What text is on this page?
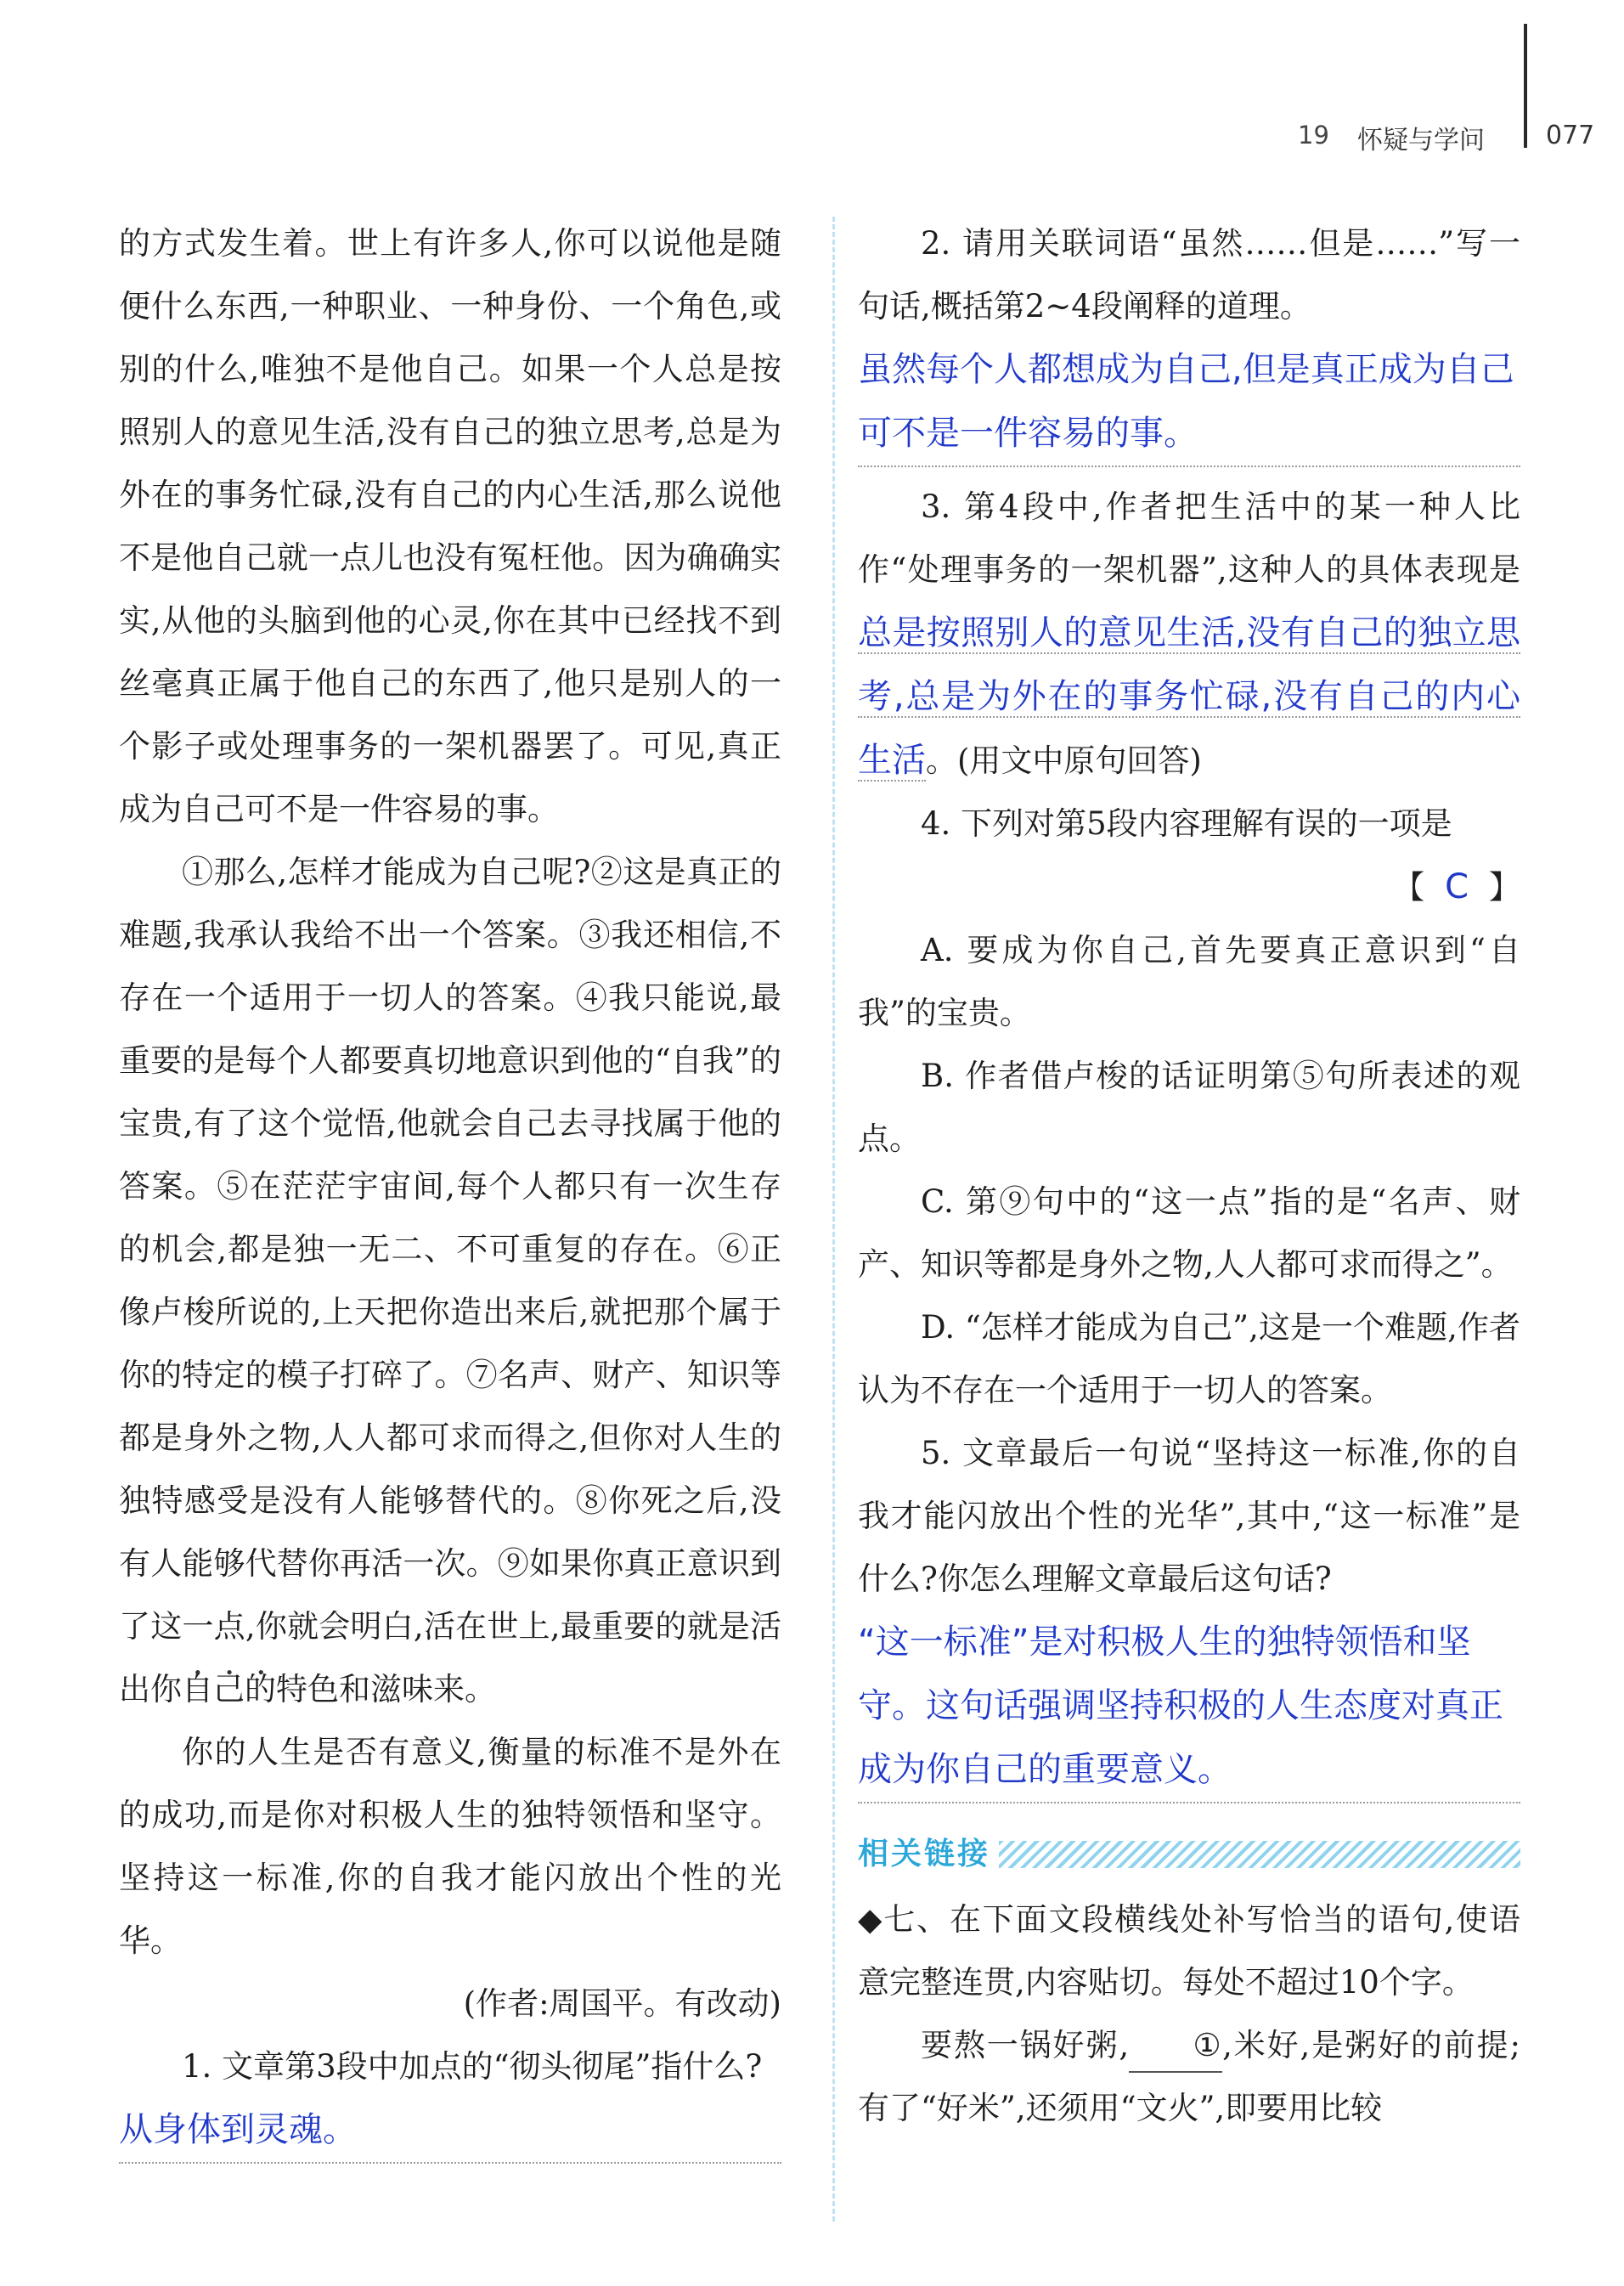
19 怀疑与学问 077

的方式发生着。世上有许多人,你可以说他是随便什么东西,一种职业、一种身份、一个角色,或别的什么,唯独不是他自己。如果一个人总是按照别人的意见生活,没有自己的独立思考,总是为外在的事务忙碌,没有自己的内心生活,那么说他不是他自己就一点儿也没有冤枉他。因为确确实实,从他的头脑到他的心灵,你在其中已经找不到丝毫真正属于他自己的东西了,他只是别人的一个影子或处理事务的一架机器罢了。可见,真正成为自己可不是一件容易的事。

①那么,怎样才能成为自己呢?②这是真正的难题,我承认我给不出一个答案。③我还相信,不存在一个适用于一切人的答案。④我只能说,最重要的是每个人都要真切地意识到他的“自我”的宝贵,有了这个觉悟,他就会自己去寻找属于他的答案。⑤在茫茫宇宙间,每个人都只有一次生存的机会,都是独一无二、不可重复的存在。⑥正像卢梭所说的,上天把你造出来后,就把那个属于你的特定的模子打碎了。⑦名声、财产、知识等都是身外之物,人人都可求而得之,但你对人生的独特感受是没有人能够替代的。⑧你死之后,没有人能够代替你再活一次。⑨如果你真正意识到了这一点,你就会明白,活在世上,最重要的就是活出你自己的特色和滋味来。

你的人生是否有意义,衡量的标准不是外在的成功,而是你对积极人生的独特领悟和坚守。坚持这一标准,你的自我才能闪放出个性的光华。

(作者:周国平。有改动)

1. 文章第3段中加点的“彻头彻尾”指什么?

从身体到灵魂。

2. 请用关联词语“虽然……但是……”写一句话,概括第2~4段阐释的道理。

虽然每个人都想成为自己,但是真正成为自己可不是一件容易的事。

3. 第4段中,作者把生活中的某一种人比作“处理事务的一架机器”,这种人的具体表现是总是按照别人的意见生活,没有自己的独立思考,总是为外在的事务忙碌,没有自己的内心生活。(用文中原句回答)

4. 下列对第5段内容理解有误的一项是

【 C 】

A. 要成为你自己,首先要真正意识到“自我”的宝贵。

B. 作者借卢梭的话证明第⑤句所表述的观点。

C. 第⑨句中的“这一点”指的是“名声、财产、知识等都是身外之物,人人都可求而得之”。

D. “怎样才能成为自己”,这是一个难题,作者认为不存在一个适用于一切人的答案。

5. 文章最后一句说“坚持这一标准,你的自我才能闪放出个性的光华”,其中,“这一标准”是什么?你怎么理解文章最后这句话?

“这一标准”是对积极人生的独特领悟和坚守。这句话强调坚持积极的人生态度对真正成为你自己的重要意义。
相关链接

◆七、在下面文段横线处补写恰当的语句,使语意完整连贯,内容贴切。每处不超过10个字。

要熬一锅好粥, ①,米好,是粥好的前提;有了“好米”,还须用“文火”,即要用比较
